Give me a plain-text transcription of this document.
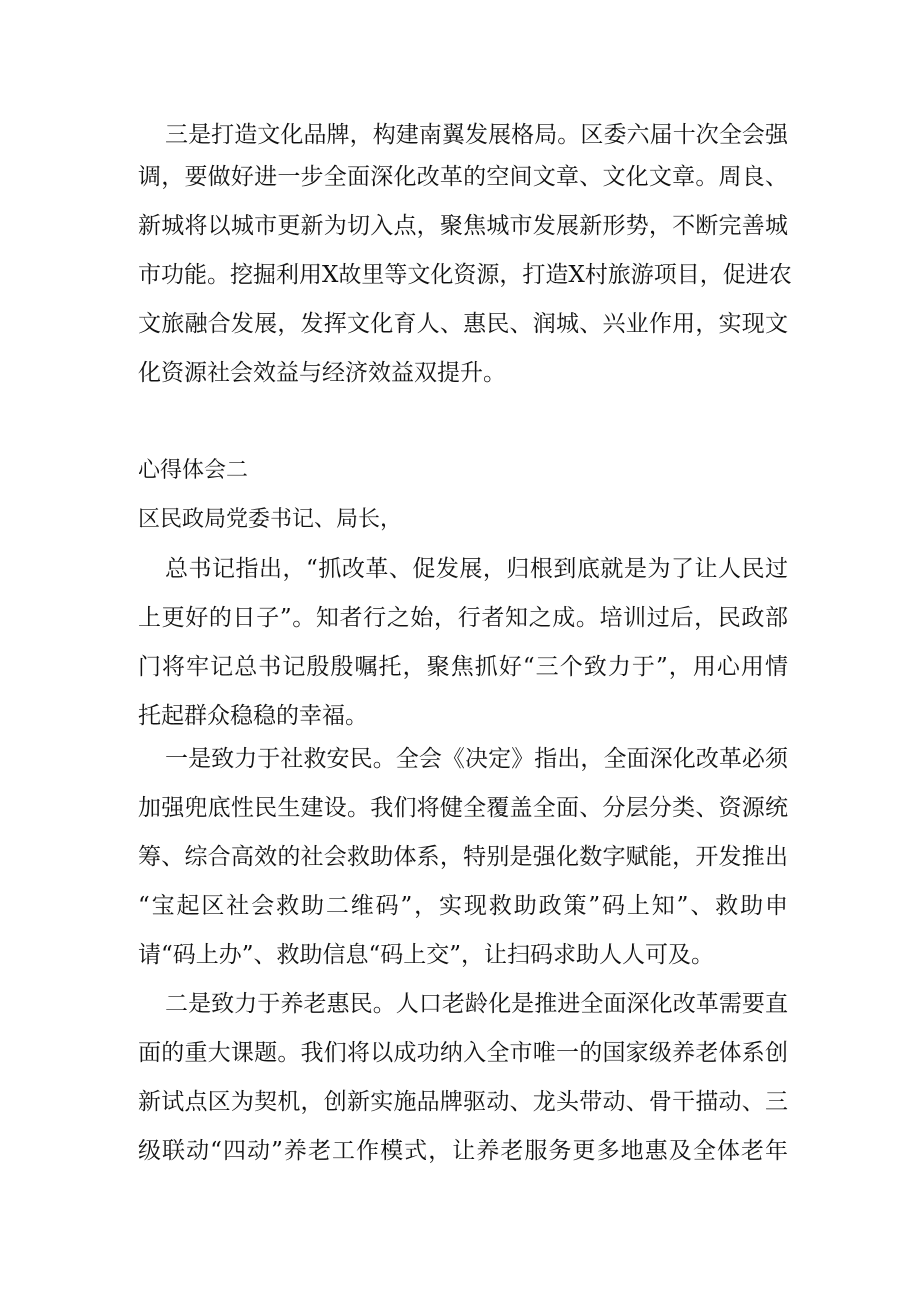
三是打造文化品牌，构建南翼发展格局。区委六届十次全会强
调，要做好进一步全面深化改革的空间文章、文化文章。周良、
新城将以城市更新为切入点，聚焦城市发展新形势，不断完善城
市功能。挖掘利用X故里等文化资源，打造X村旅游项目，促进农
文旅融合发展，发挥文化育人、惠民、润城、兴业作用，实现文
化资源社会效益与经济效益双提升。
心得体会二
区民政局党委书记、局长，
总书记指出，“抓改革、促发展，归根到底就是为了让人民过
上更好的日子”。知者行之始，行者知之成。培训过后，民政部
门将牢记总书记殷殷嘱托，聚焦抓好“三个致力于”，用心用情
托起群众稳稳的幸福。
一是致力于社救安民。全会《决定》指出，全面深化改革必须
加强兜底性民生建设。我们将健全覆盖全面、分层分类、资源统
筹、综合高效的社会救助体系，特别是强化数字赋能，开发推出
“宝起区社会救助二维码”，实现救助政策”码上知”、救助申
请“码上办”、救助信息“码上交”，让扫码求助人人可及。
二是致力于养老惠民。人口老龄化是推进全面深化改革需要直
面的重大课题。我们将以成功纳入全市唯一的国家级养老体系创
新试点区为契机，创新实施品牌驱动、龙头带动、骨干描动、三
级联动“四动”养老工作模式，让养老服务更多地惠及全体老年
